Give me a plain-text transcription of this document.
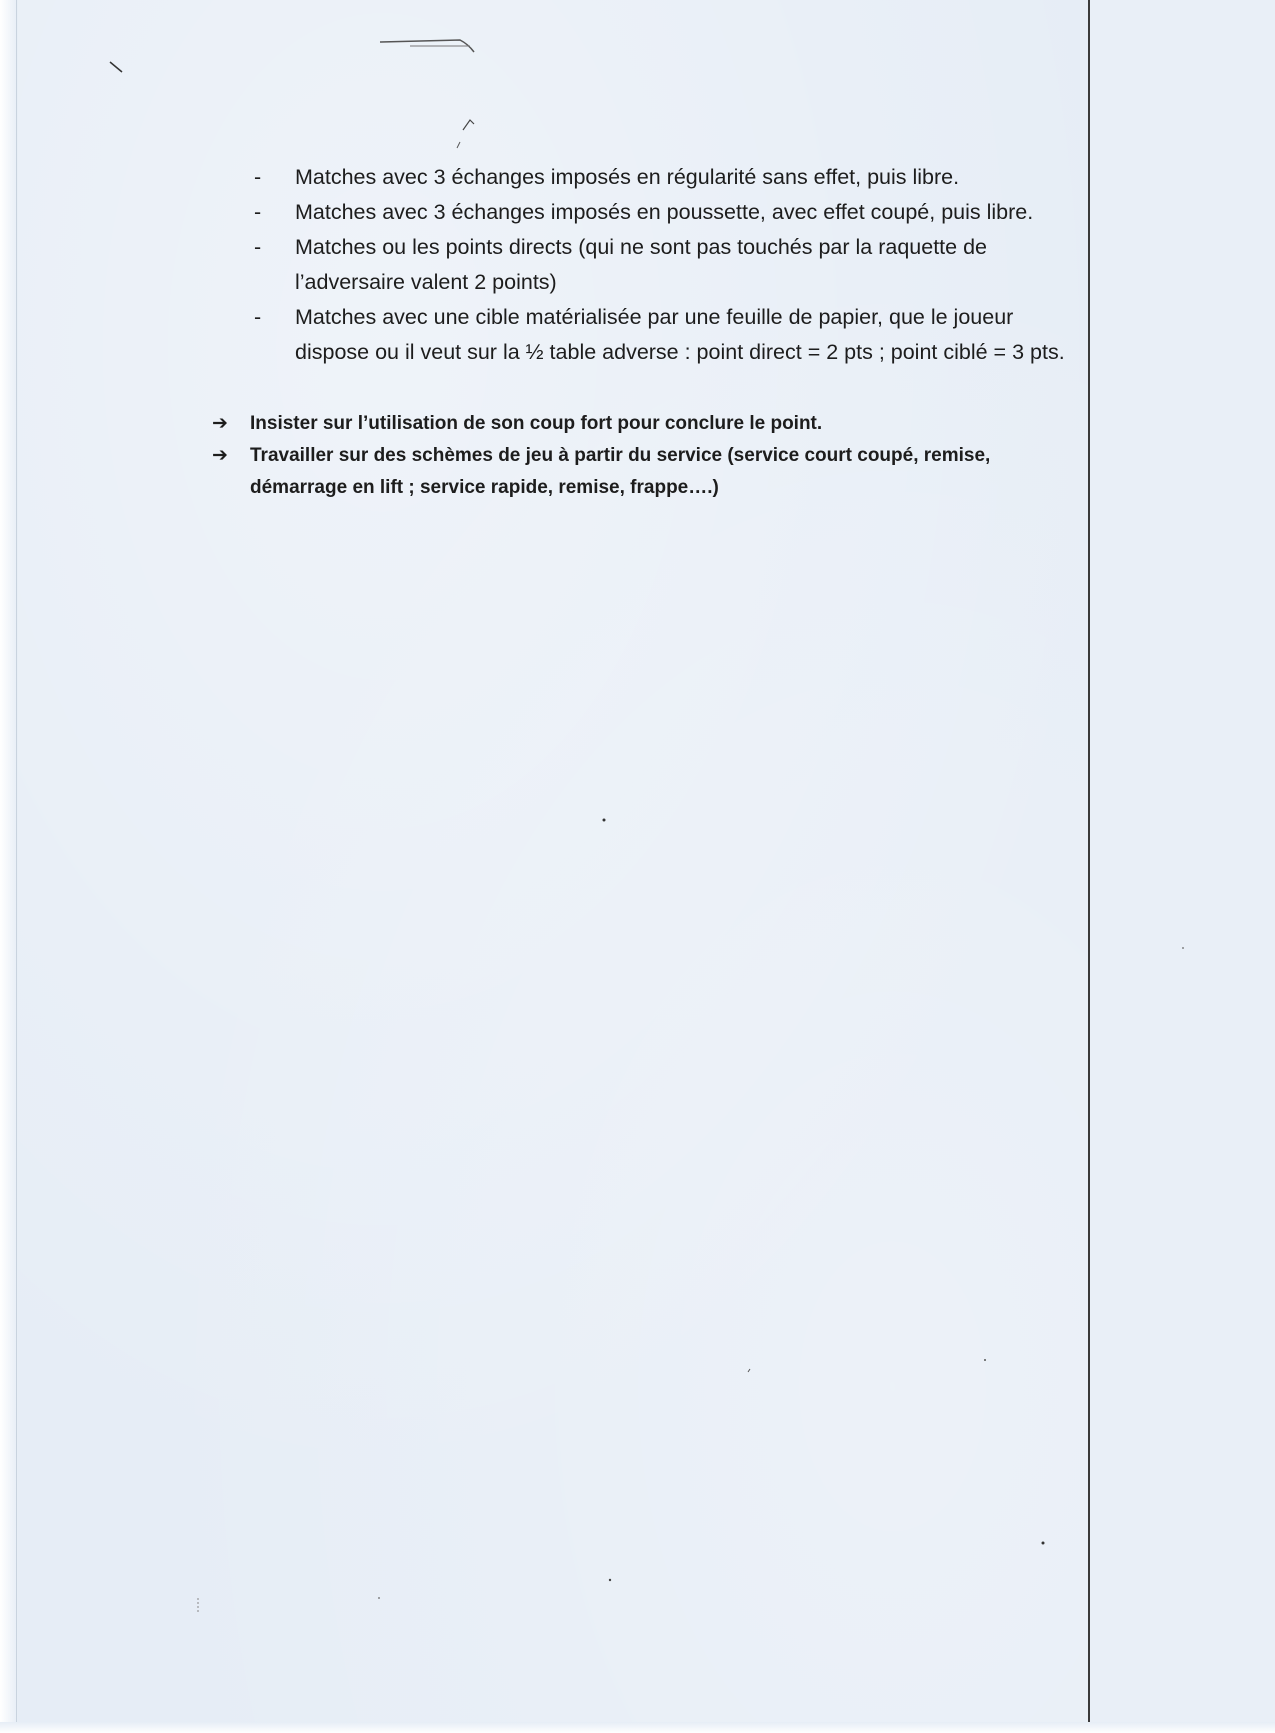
- Matches avec 3 échanges imposés en régularité sans effet, puis libre.
- Matches avec 3 échanges imposés en poussette, avec effet coupé, puis libre.
- Matches ou les points directs (qui ne sont pas touchés par la raquette de
l’adversaire valent 2 points)
- Matches avec une cible matérialisée par une feuille de papier, que le joueur
dispose ou il veut sur la ½ table adverse : point direct = 2 pts ; point ciblé = 3 pts.
➔ Insister sur l’utilisation de son coup fort pour conclure le point.
➔ Travailler sur des schèmes de jeu à partir du service (service court coupé, remise,
démarrage en lift ; service rapide, remise, frappe….)
